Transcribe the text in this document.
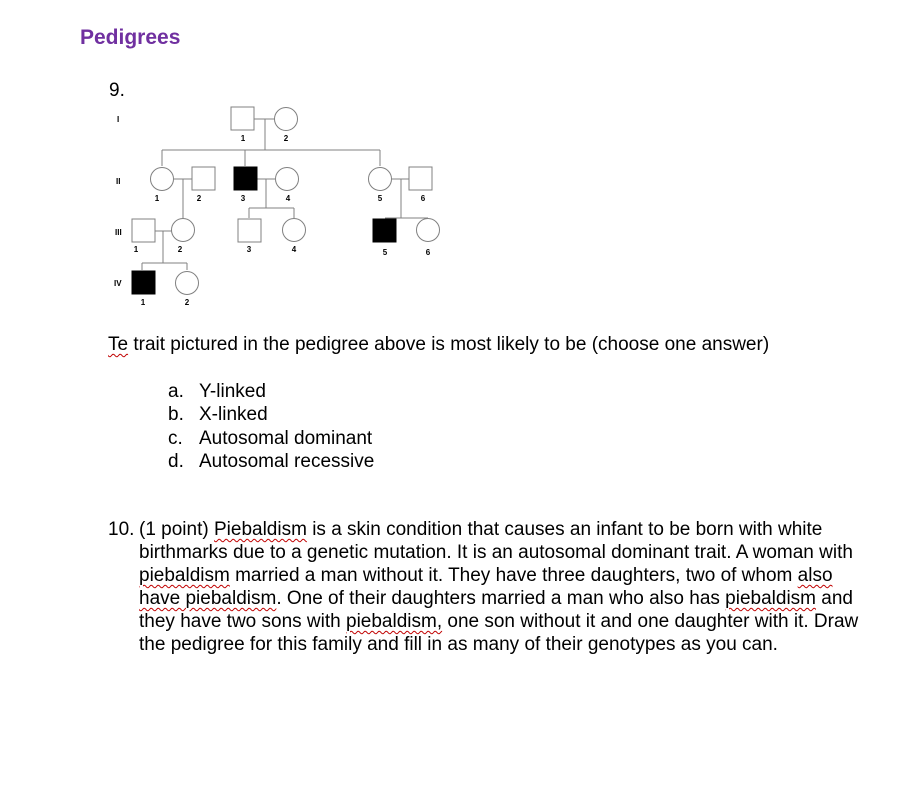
Pedigrees
9.
I
II
III
IV
1	2
1	2	3	4	5	6
1	2	3	4	5	6
1	2
Te trait pictured in the pedigree above is most likely to be (choose one answer)
a. Y-linked
b. X-linked
c. Autosomal dominant
d. Autosomal recessive
10. (1 point) Piebaldism is a skin condition that causes an infant to be born with white birthmarks due to a genetic mutation. It is an autosomal dominant trait. A woman with piebaldism married a man without it. They have three daughters, two of whom also have piebaldism. One of their daughters married a man who also has piebaldism and they have two sons with piebaldism, one son without it and one daughter with it. Draw the pedigree for this family and fill in as many of their genotypes as you can.
